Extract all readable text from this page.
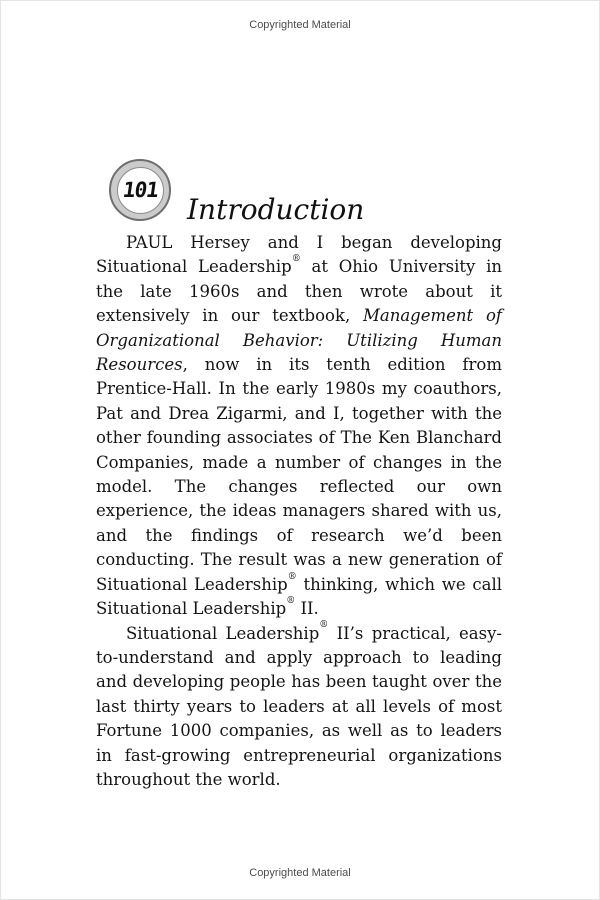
Copyrighted Material
101
Introduction

PAUL Hersey and I began developing Situational Leadership® at Ohio University in the late 1960s and then wrote about it extensively in our textbook, Management of Organizational Behavior: Utilizing Human Resources, now in its tenth edition from Prentice-Hall. In the early 1980s my coauthors, Pat and Drea Zigarmi, and I, together with the other founding associates of The Ken Blanchard Companies, made a number of changes in the model. The changes reflected our own experience, the ideas managers shared with us, and the findings of research we’d been conducting. The result was a new generation of Situational Leadership® thinking, which we call Situational Leadership® II.

Situational Leadership® II’s practical, easy-to-understand and apply approach to leading and developing people has been taught over the last thirty years to leaders at all levels of most Fortune 1000 companies, as well as to leaders in fast-growing entrepreneurial organizations throughout the world.

Copyrighted Material
